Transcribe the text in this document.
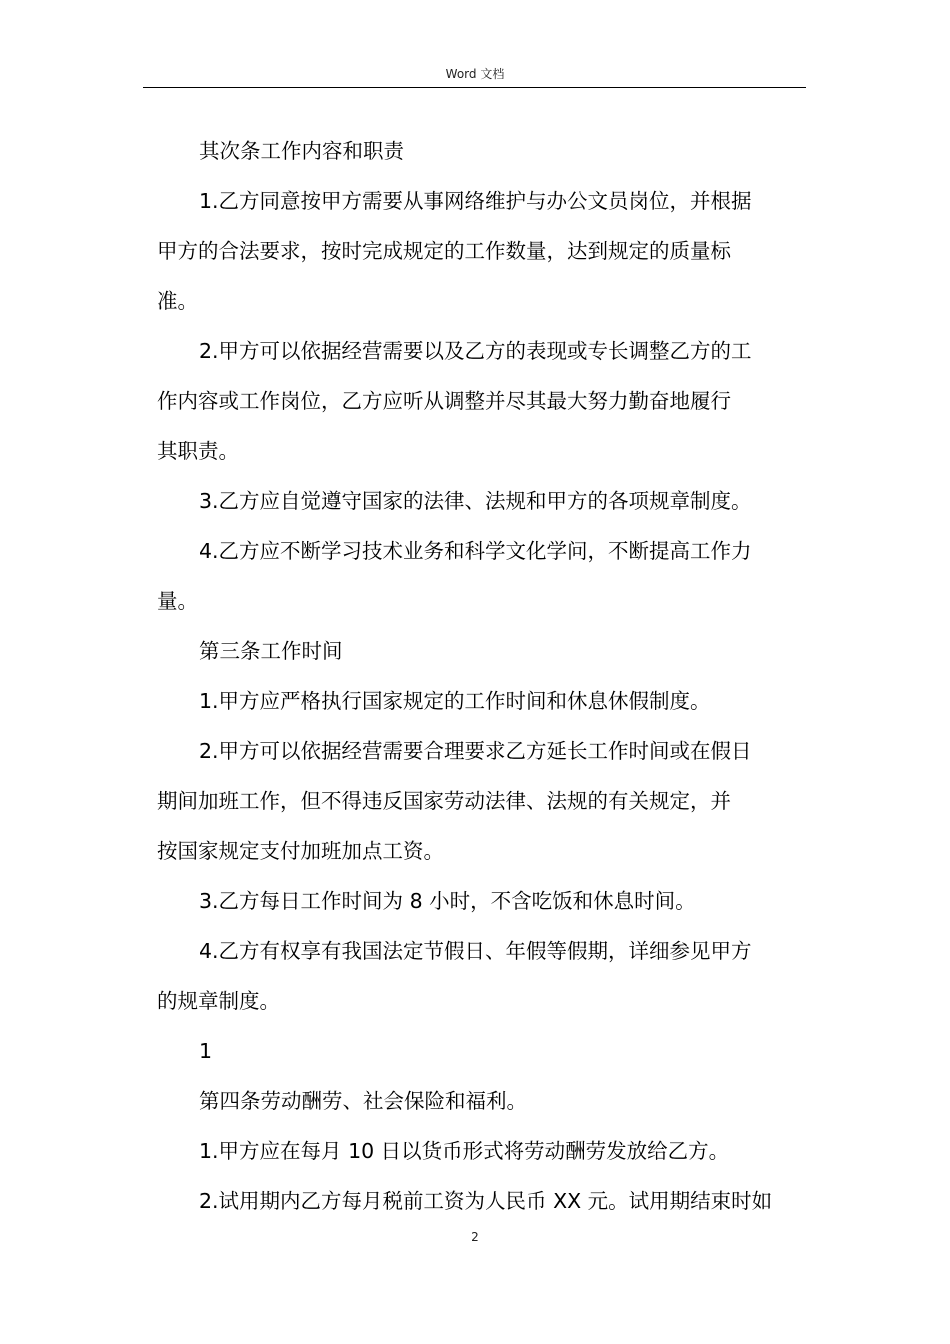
Word 文档

其次条工作内容和职责

1.乙方同意按甲方需要从事网络维护与办公文员岗位，并根据
甲方的合法要求，按时完成规定的工作数量，达到规定的质量标
准。

2.甲方可以依据经营需要以及乙方的表现或专长调整乙方的工
作内容或工作岗位，乙方应听从调整并尽其最大努力勤奋地履行
其职责。

3.乙方应自觉遵守国家的法律、法规和甲方的各项规章制度。

4.乙方应不断学习技术业务和科学文化学问，不断提高工作力
量。

第三条工作时间

1.甲方应严格执行国家规定的工作时间和休息休假制度。

2.甲方可以依据经营需要合理要求乙方延长工作时间或在假日
期间加班工作，但不得违反国家劳动法律、法规的有关规定，并
按国家规定支付加班加点工资。

3.乙方每日工作时间为 8 小时，不含吃饭和休息时间。

4.乙方有权享有我国法定节假日、年假等假期，详细参见甲方
的规章制度。

1

第四条劳动酬劳、社会保险和福利。

1.甲方应在每月 10 日以货币形式将劳动酬劳发放给乙方。

2.试用期内乙方每月税前工资为人民币 XX 元。试用期结束时如

2
